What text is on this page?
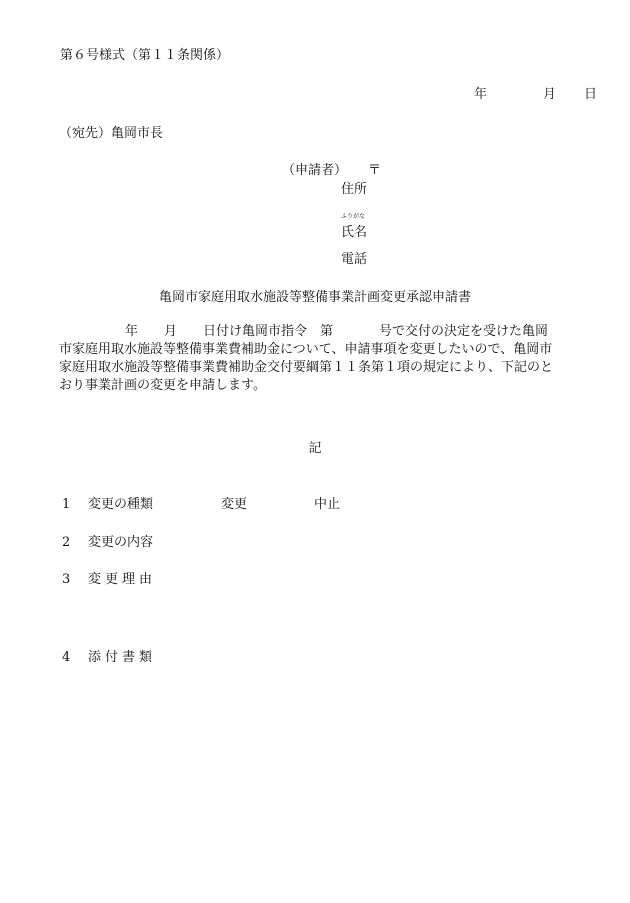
第６号様式（第１１条関係）
年	月 日
（宛先）亀岡市長
（申請者） 〒
住所
ふりがな
氏名
電話
亀岡市家庭用取水施設等整備事業計画変更承認申請書
年 月 日付け亀岡市指令　第	号で交付の決定を受けた亀岡
市家庭用取水施設等整備事業費補助金について、申請事項を変更したいので、亀岡市
家庭用取水施設等整備事業費補助金交付要綱第１１条第１項の規定により、下記のと
おり事業計画の変更を申請します。
記
1 変更の種類	変更	中止
2 変更の内容
3 変更理由
4 添付書類
